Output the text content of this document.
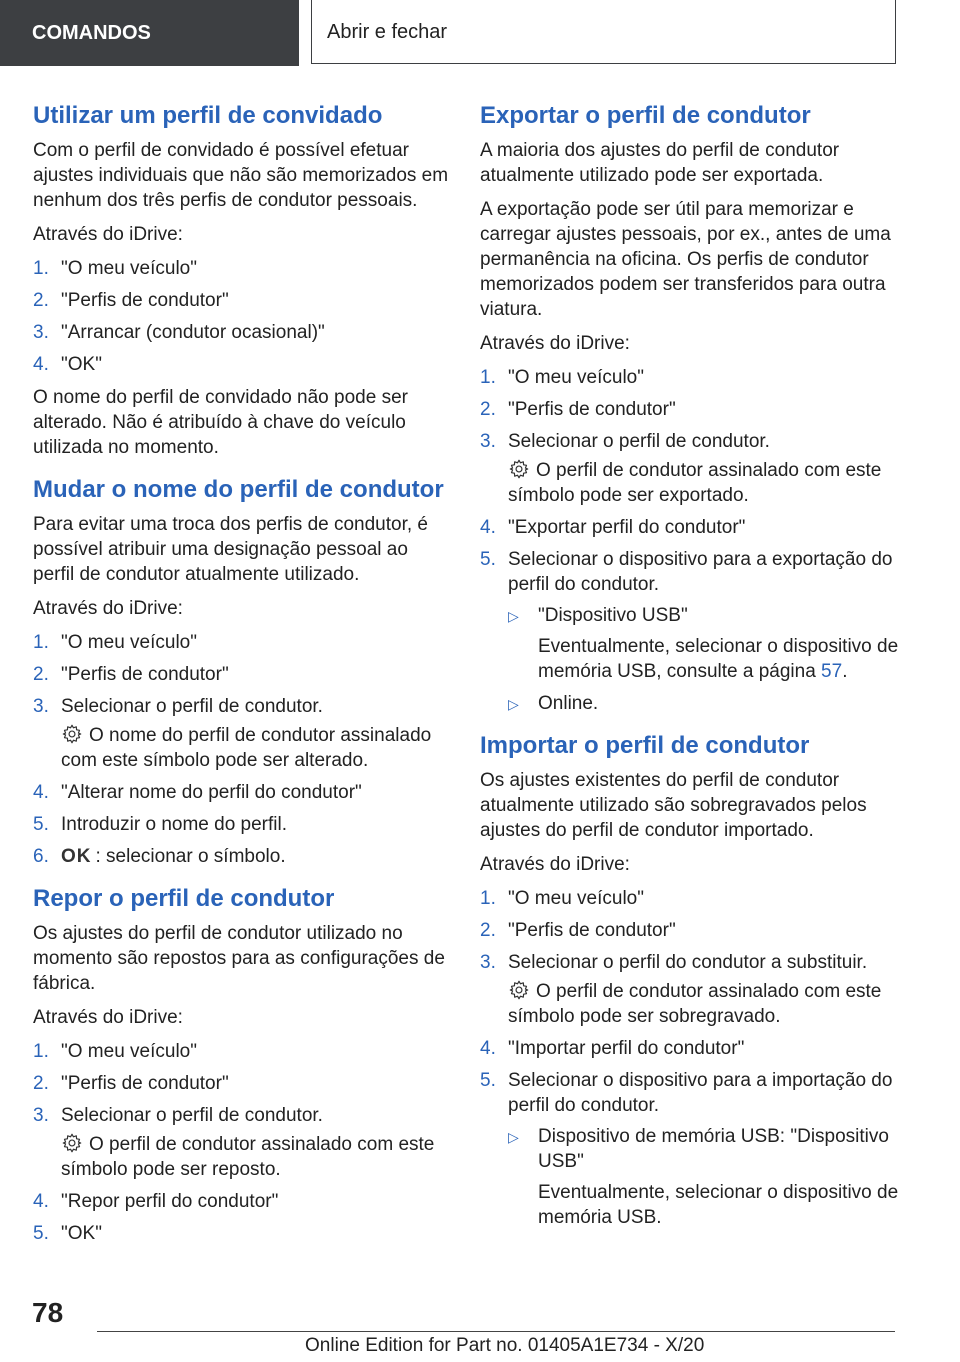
COMANDOS	Abrir e fechar
Utilizar um perfil de convidado

Com o perfil de convidado é possível efetuar ajustes individuais que não são memorizados em nenhum dos três perfis de condutor pessoais.

Através do iDrive:

1. "O meu veículo"
2. "Perfis de condutor"
3. "Arrancar (condutor ocasional)"
4. "OK"

O nome do perfil de convidado não pode ser alterado. Não é atribuído à chave do veículo utilizada no momento.

Mudar o nome do perfil de condutor

Para evitar uma troca dos perfis de condutor, é possível atribuir uma designação pessoal ao perfil de condutor atualmente utilizado.

Através do iDrive:

1. "O meu veículo"
2. "Perfis de condutor"
3. Selecionar o perfil de condutor.
O nome do perfil de condutor assinalado com este símbolo pode ser alterado.
4. "Alterar nome do perfil do condutor"
5. Introduzir o nome do perfil.
6. OK : selecionar o símbolo.
Repor o perfil de condutor

Os ajustes do perfil de condutor utilizado no momento são repostos para as configurações de fábrica.

Através do iDrive:

1. "O meu veículo"
2. "Perfis de condutor"
3. Selecionar o perfil de condutor.
O perfil de condutor assinalado com este símbolo pode ser reposto.
4. "Repor perfil do condutor"
5. "OK"
Exportar o perfil de condutor

A maioria dos ajustes do perfil de condutor atualmente utilizado pode ser exportada.

A exportação pode ser útil para memorizar e carregar ajustes pessoais, por ex., antes de uma permanência na oficina. Os perfis de condutor memorizados podem ser transferidos para outra viatura.

Através do iDrive:

1. "O meu veículo"
2. "Perfis de condutor"
3. Selecionar o perfil de condutor.
O perfil de condutor assinalado com este símbolo pode ser exportado.
4. "Exportar perfil do condutor"
5. Selecionar o dispositivo para a exportação do perfil do condutor.
▷ "Dispositivo USB"
Eventualmente, selecionar o dispositivo de memória USB, consulte a página 57.
▷ Online.
Importar o perfil de condutor

Os ajustes existentes do perfil de condutor atualmente utilizado são sobregravados pelos ajustes do perfil de condutor importado.

Através do iDrive:

1. "O meu veículo"
2. "Perfis de condutor"
3. Selecionar o perfil do condutor a substituir.
O perfil de condutor assinalado com este símbolo pode ser sobregravado.
4. "Importar perfil do condutor"
5. Selecionar o dispositivo para a importação do perfil do condutor.
▷ Dispositivo de memória USB: "Dispositivo USB"
Eventualmente, selecionar o dispositivo de memória USB.
78
Online Edition for Part no. 01405A1E734 - X/20
